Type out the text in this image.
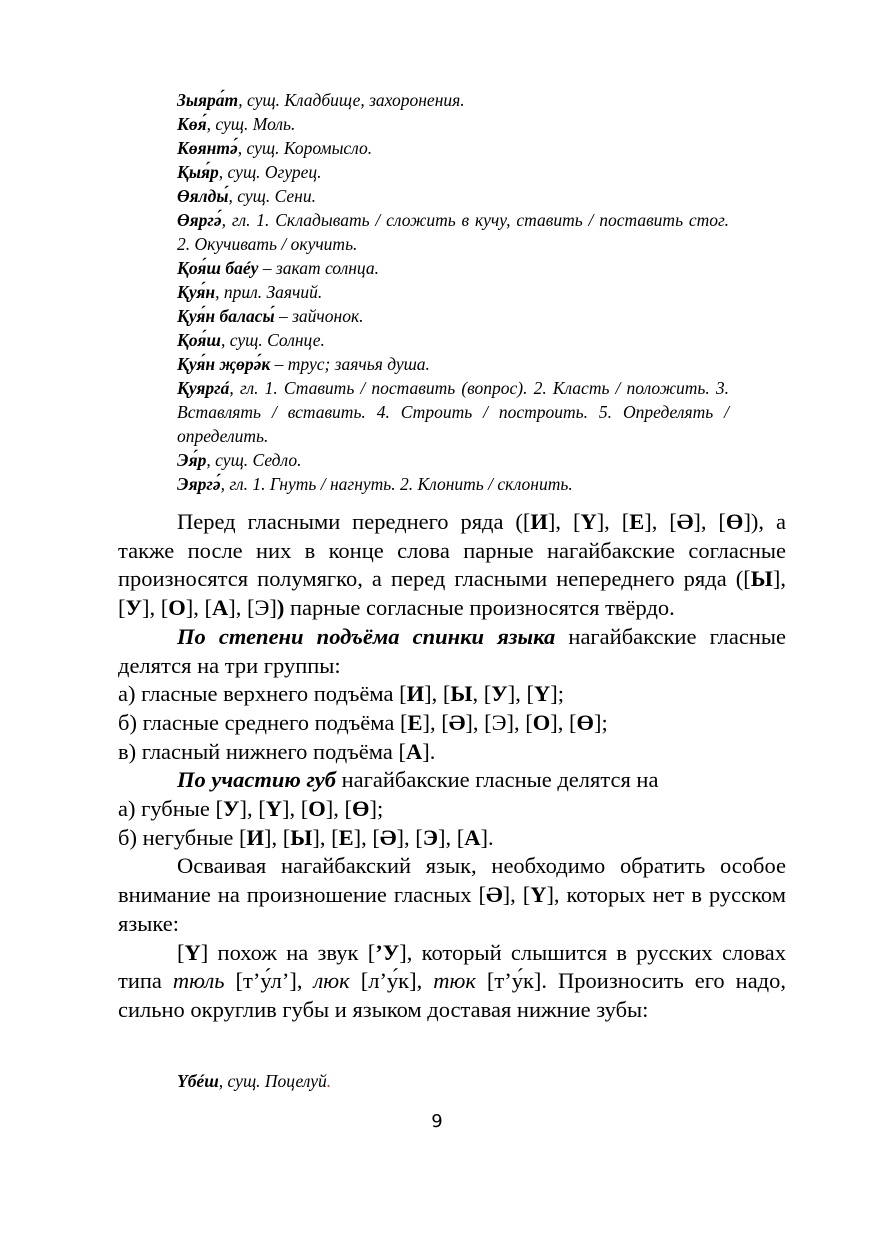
Зыяра́т, сущ. Кладбище, захоронения.
Көя́, сущ. Моль.
Көянтә́, сущ. Коромысло.
Қыя́р, сущ. Огурец.
Өялды́, сущ. Сени.
Өяргә́, гл. 1. Складывать / сложить в кучу, ставить / поставить стог. 2. Окучивать / окучить.
Қоя́ш баéу – закат солнца.
Қуя́н, прил. Заячий.
Қуя́н баласы́ – зайчонок.
Қоя́ш, сущ. Солнце.
Қуя́н җөрә́к – трус; заячья душа.
Қуяргá, гл. 1. Ставить / поставить (вопрос). 2. Класть / положить. 3. Вставлять / вставить. 4. Строить / построить. 5. Определять / определить.
Эя́р, сущ. Седло.
Эяргә́, гл. 1. Гнуть / нагнуть. 2. Клонить / склонить.

Перед гласными переднего ряда ([И], [Ү], [Е], [Ә], [Ө]), а также после них в конце слова парные нагайбакские согласные произносятся полумягко, а перед гласными непереднего ряда ([Ы], [У], [О], [А], [Э]) парные согласные произносятся твёрдо.

По степени подъёма спинки языка нагайбакские гласные делятся на три группы:

а) гласные верхнего подъёма [И], [Ы, [У], [Ү];

б) гласные среднего подъёма [Е], [Ә], [Э], [О], [Ө];

в) гласный нижнего подъёма [А].

По участию губ нагайбакские гласные делятся на

а) губные [У], [Ү], [О], [Ө];

б) негубные [И], [Ы], [Е], [Ә], [Э], [А].

Осваивая нагайбакский язык, необходимо обратить особое внимание на произношение гласных [Ә], [Ү], которых нет в русском языке:

[Ү] похож на звук [’У], который слышится в русских словах типа тюль [т’у́л’], люк [л’у́к], тюк [т’у́к]. Произносить его надо, сильно округлив губы и языком доставая нижние зубы:

Үбéш, сущ. Поцелуй.
9
